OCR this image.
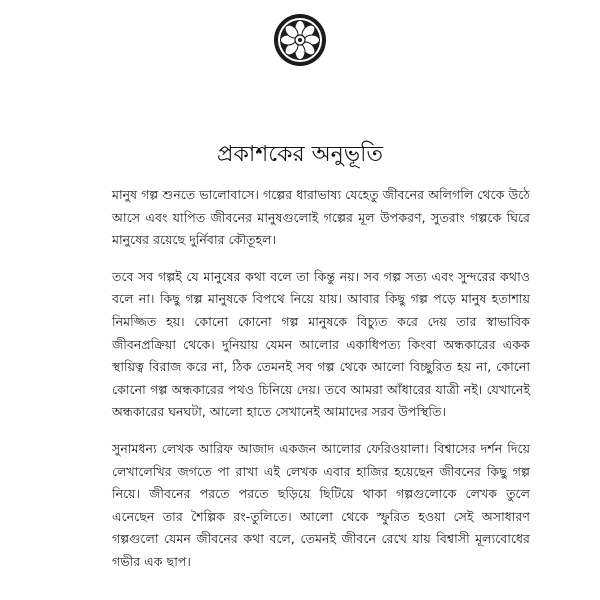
প্রকাশকের অনুভূতি

মানুষ গল্প শুনতে ভালোবাসে। গল্পের ধারাভাষ্য যেহেতু জীবনের অলিগলি থেকে উঠে আসে এবং যাপিত জীবনের মানুষগুলোই গল্পের মূল উপকরণ, সুতরাং গল্পকে ঘিরে মানুষের রয়েছে দুর্নিবার কৌতূহল।

তবে সব গল্পই যে মানুষের কথা বলে তা কিন্তু নয়। সব গল্প সত্য এবং সুন্দরের কথাও বলে না। কিছু গল্প মানুষকে বিপথে নিয়ে যায়। আবার কিছু গল্প পড়ে মানুষ হতাশায় নিমজ্জিত হয়। কোনো কোনো গল্প মানুষকে বিচ্যুত করে দেয় তার স্বাভাবিক জীবনপ্রক্রিয়া থেকে। দুনিয়ায় যেমন আলোর একাধিপত্য কিংবা অন্ধকারের একক স্থায়িত্ব বিরাজ করে না, ঠিক তেমনই সব গল্প থেকে আলো বিচ্ছুরিত হয় না, কোনো কোনো গল্প অন্ধকারের পথও চিনিয়ে দেয়। তবে আমরা আঁধারের যাত্রী নই। যেখানেই অন্ধকারের ঘনঘটা, আলো হাতে সেখানেই আমাদের সরব উপস্থিতি।

সুনামধন্য লেখক আরিফ আজাদ একজন আলোর ফেরিওয়ালা। বিশ্বাসের দর্শন দিয়ে লেখালেখির জগতে পা রাখা এই লেখক এবার হাজির হয়েছেন জীবনের কিছু গল্প নিয়ে। জীবনের পরতে পরতে ছড়িয়ে ছিটিয়ে থাকা গল্পগুলোকে লেখক তুলে এনেছেন তার শৈল্পিক রং-তুলিতে। আলো থেকে স্ফুরিত হওয়া সেই অসাধারণ গল্পগুলো যেমন জীবনের কথা বলে, তেমনই জীবনে রেখে যায় বিশ্বাসী মূল্যবোধের গভীর এক ছাপ।
